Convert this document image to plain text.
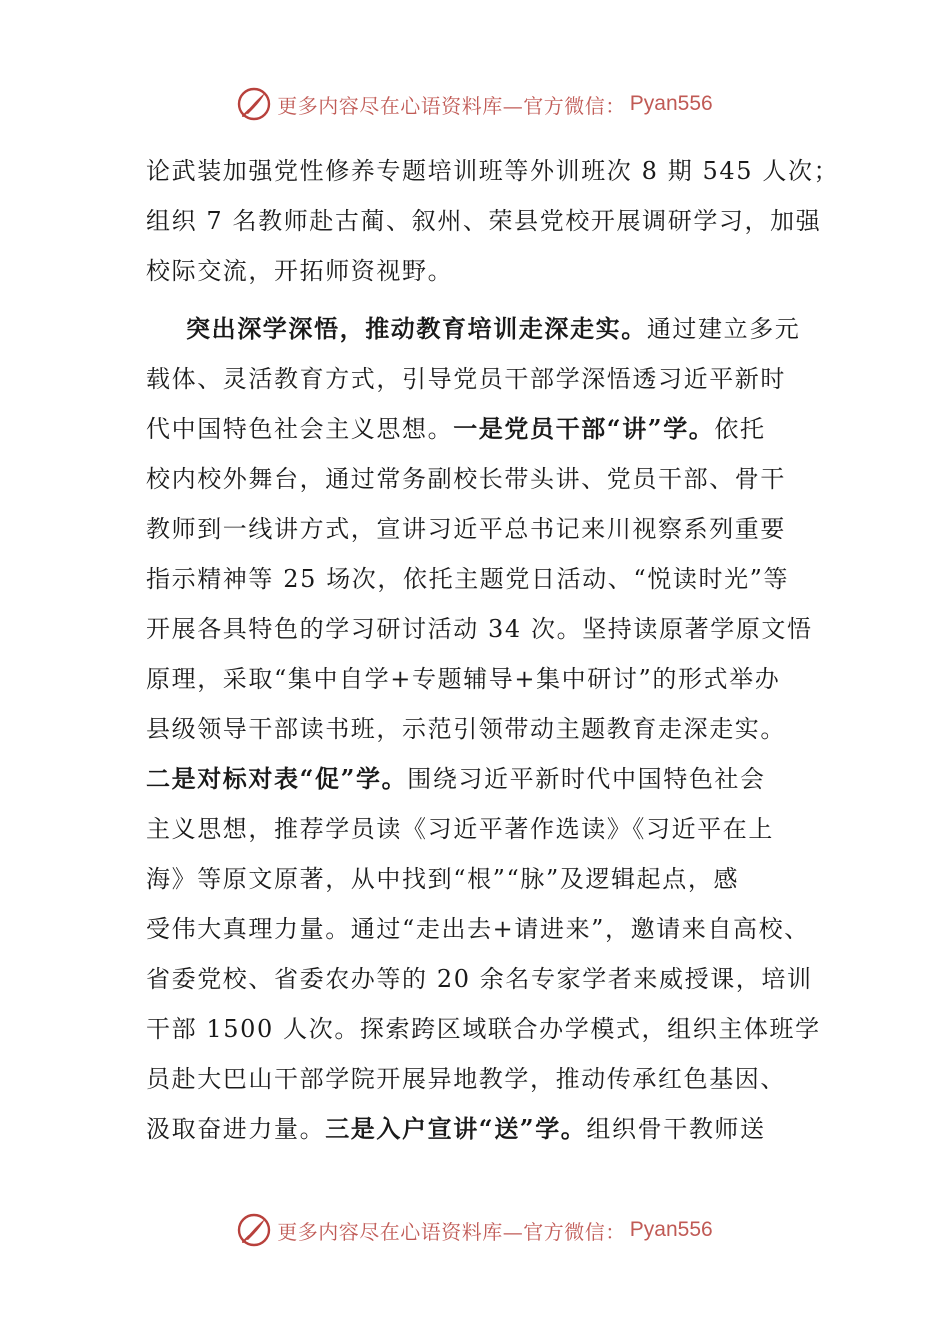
更多内容尽在心语资料库—官方微信： Pyan556
论武装加强党性修养专题培训班等外训班次 8 期 545 人次；
组织 7 名教师赴古蔺、叙州、荣县党校开展调研学习，加强
校际交流，开拓师资视野。
突出深学深悟，推动教育培训走深走实。通过建立多元
载体、灵活教育方式，引导党员干部学深悟透习近平新时
代中国特色社会主义思想。一是党员干部“讲”学。依托
校内校外舞台，通过常务副校长带头讲、党员干部、骨干
教师到一线讲方式，宣讲习近平总书记来川视察系列重要
指示精神等 25 场次，依托主题党日活动、“悦读时光”等
开展各具特色的学习研讨活动 34 次。坚持读原著学原文悟
原理，采取“集中自学+专题辅导+集中研讨”的形式举办
县级领导干部读书班，示范引领带动主题教育走深走实。
二是对标对表“促”学。围绕习近平新时代中国特色社会
主义思想，推荐学员读《习近平著作选读》《习近平在上
海》等原文原著，从中找到“根”“脉”及逻辑起点，感
受伟大真理力量。通过“走出去+请进来”，邀请来自高校、
省委党校、省委农办等的 20 余名专家学者来威授课，培训
干部 1500 人次。探索跨区域联合办学模式，组织主体班学
员赴大巴山干部学院开展异地教学，推动传承红色基因、
汲取奋进力量。三是入户宣讲“送”学。组织骨干教师送
更多内容尽在心语资料库—官方微信： Pyan556
